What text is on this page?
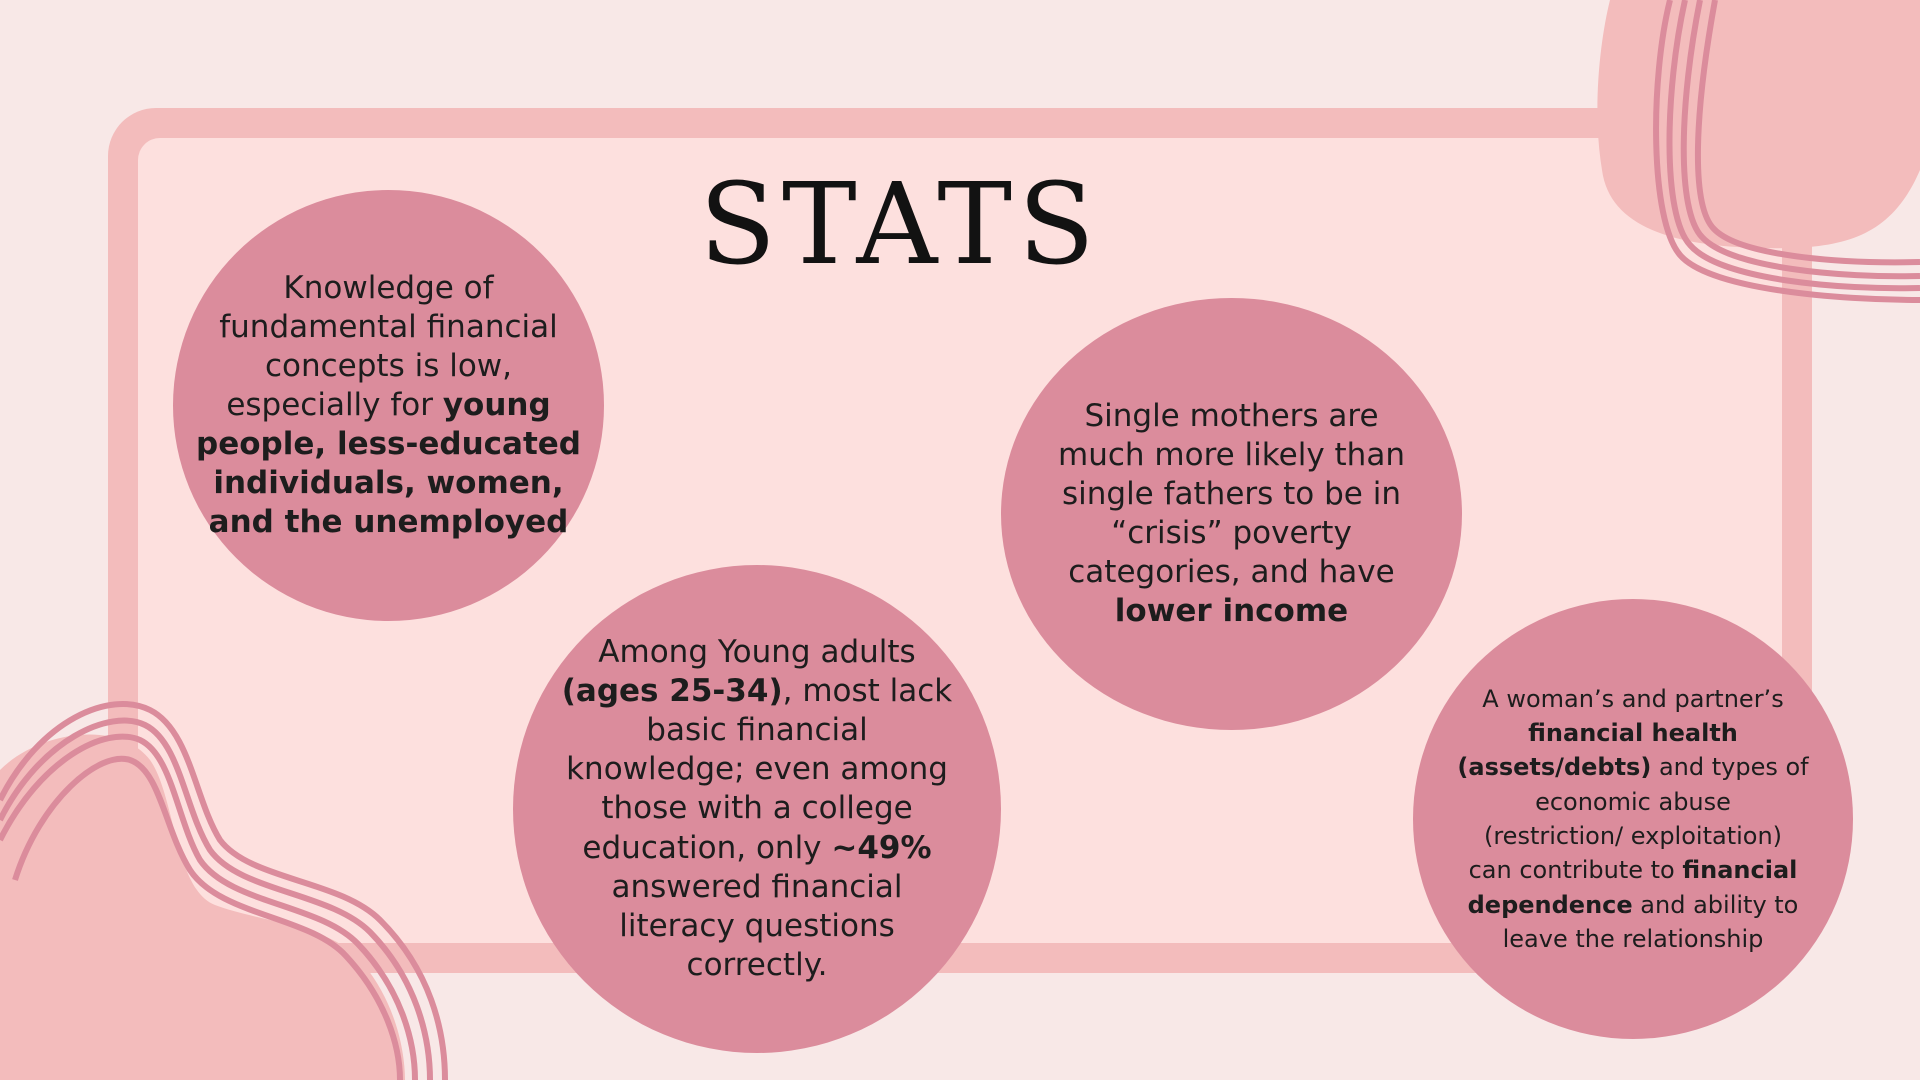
STATS
Knowledge of
fundamental financial
concepts is low,
especially for young
people, less-educated
individuals, women,
and the unemployed
Among Young adults
(ages 25-34), most lack
basic financial
knowledge; even among
those with a college
education, only ~49%
answered financial
literacy questions
correctly.
Single mothers are
much more likely than
single fathers to be in
“crisis” poverty
categories, and have
lower income
A woman’s and partner’s
financial health
(assets/debts) and types of
economic abuse
(restriction/ exploitation)
can contribute to financial
dependence and ability to
leave the relationship
